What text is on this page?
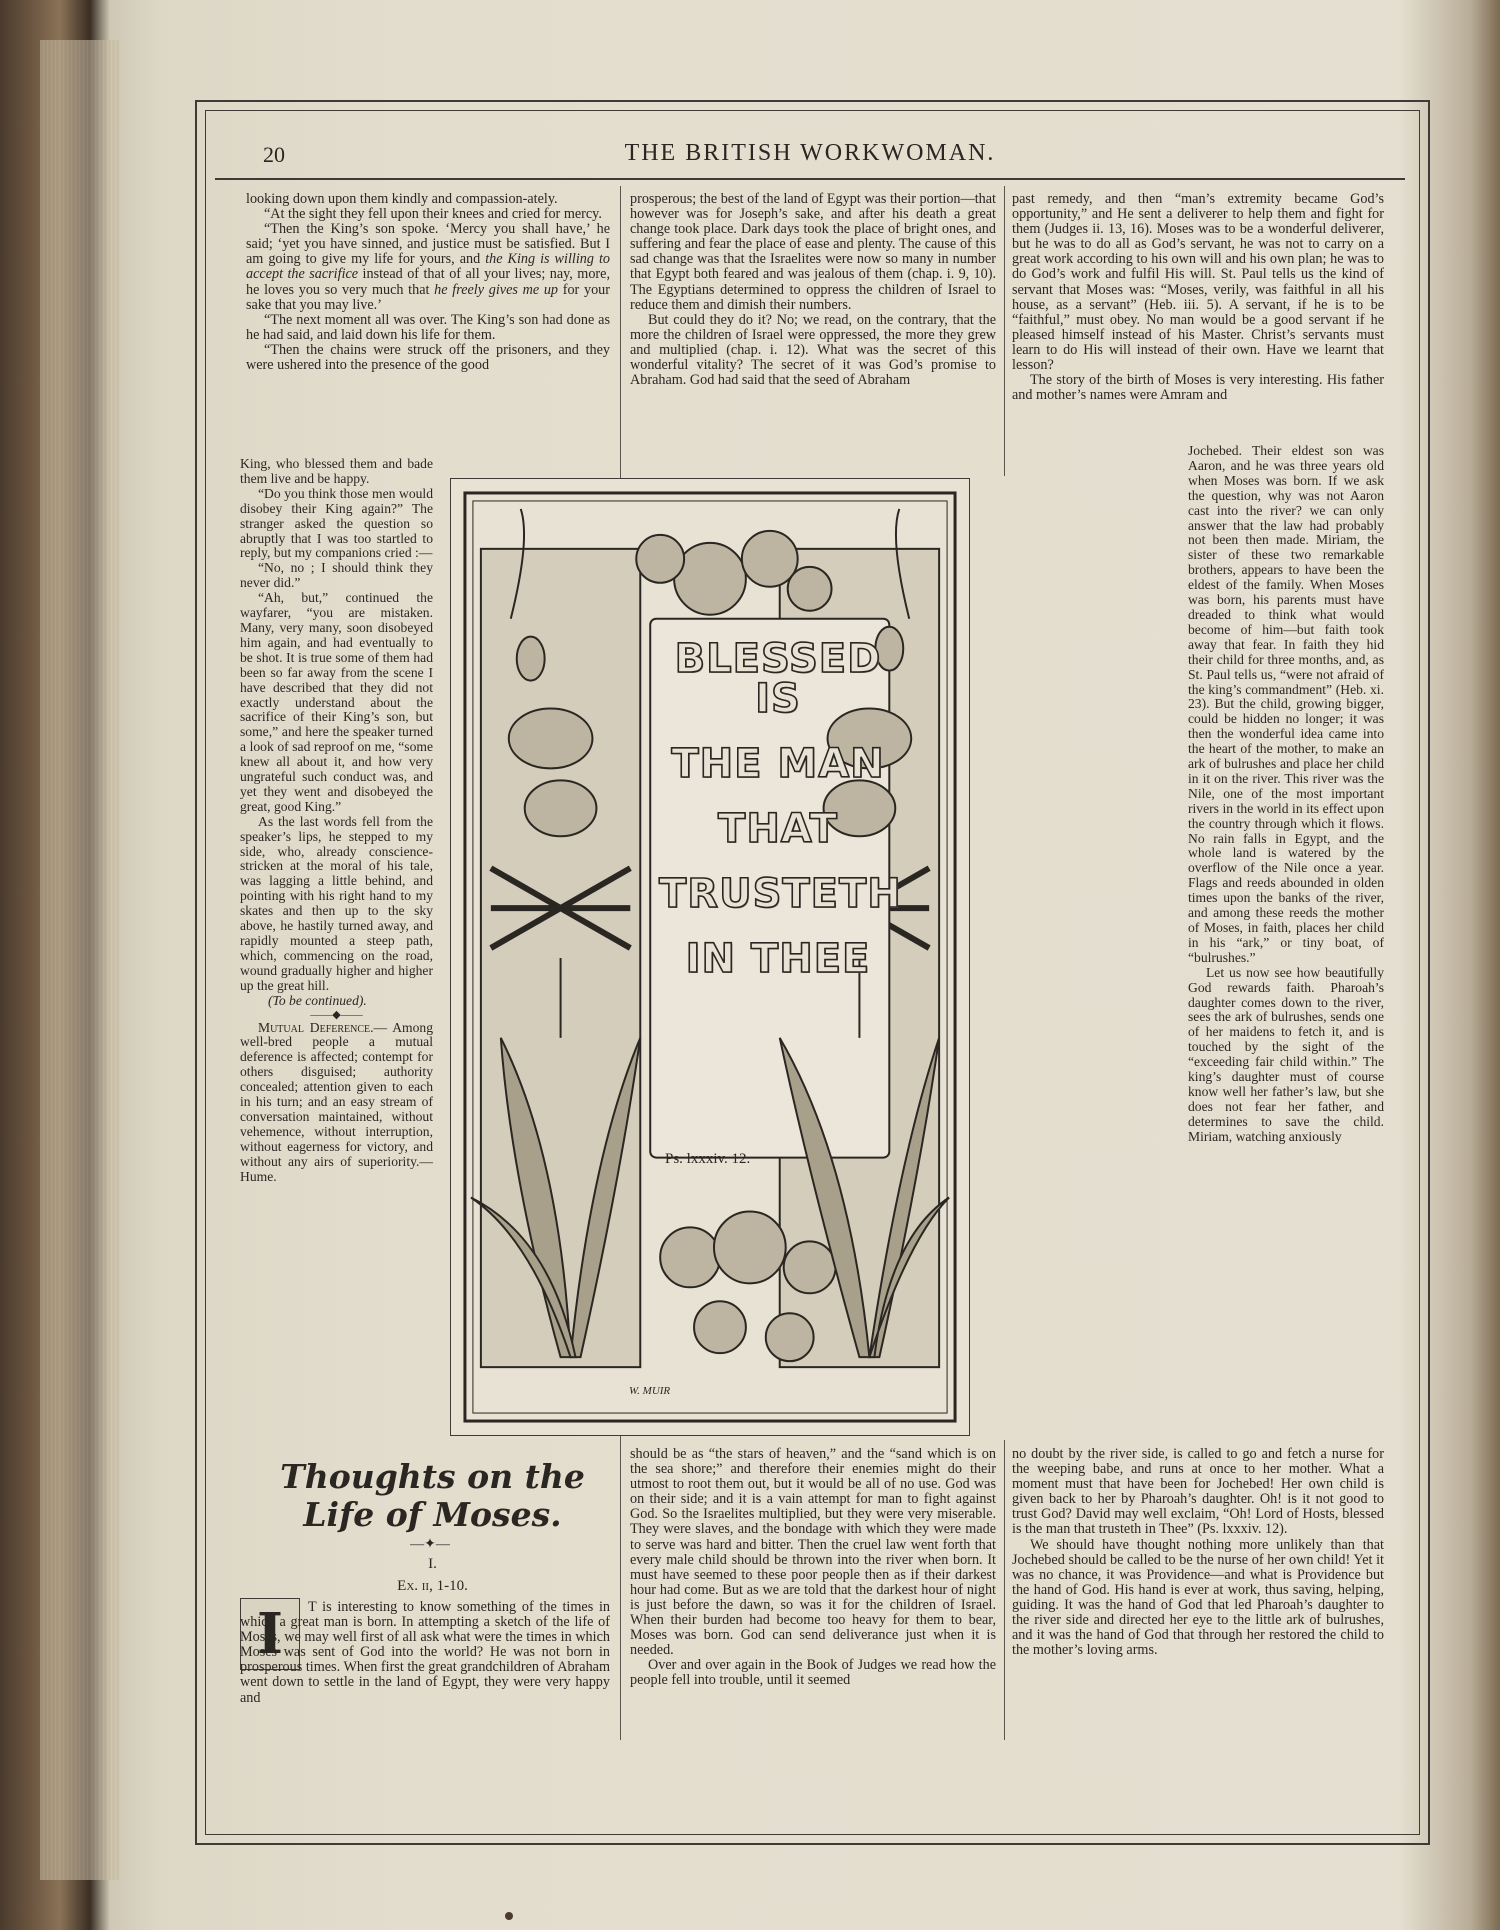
20	THE BRITISH WORKWOMAN.

looking down upon them kindly and compassion-ately.

“At the sight they fell upon their knees and cried for mercy.

“Then the King’s son spoke. ‘Mercy you shall have,’ he said; ‘yet you have sinned, and justice must be satisfied. But I am going to give my life for yours, and the King is willing to accept the sacrifice instead of that of all your lives; nay, more, he loves you so very much that he freely gives me up for your sake that you may live.’

“The next moment all was over. The King’s son had done as he had said, and laid down his life for them.

“Then the chains were struck off the prisoners, and they were ushered into the presence of the good

King, who blessed them and bade them live and be happy.

“Do you think those men would disobey their King again?” The stranger asked the question so abruptly that I was too startled to reply, but my companions cried :—

“No, no ; I should think they never did.”

“Ah, but,” continued the wayfarer, “you are mistaken. Many, very many, soon disobeyed him again, and had eventually to be shot. It is true some of them had been so far away from the scene I have described that they did not exactly understand about the sacrifice of their King’s son, but some,” and here the speaker turned a look of sad reproof on me, “some knew all about it, and how very ungrateful such conduct was, and yet they went and disobeyed the great, good King.”

As the last words fell from the speaker’s lips, he stepped to my side, who, already conscience-stricken at the moral of his tale, was lagging a little behind, and pointing with his right hand to my skates and then up to the sky above, he hastily turned away, and rapidly mounted a steep path, which, commencing on the road, wound gradually higher and higher up the great hill.

(To be continued).

——◆——

Mutual Deference.— Among well-bred people a mutual deference is affected; contempt for others disguised; authority concealed; attention given to each in his turn; and an easy stream of conversation maintained, without vehemence, without interruption, without eagerness for victory, and without any airs of superiority.—Hume.

BLESSED IS
THE MAN
THAT
TRUSTETH
IN THEE
Ps. lxxxiv. 12.
W. MUIR

prosperous; the best of the land of Egypt was their portion—that however was for Joseph’s sake, and after his death a great change took place. Dark days took the place of bright ones, and suffering and fear the place of ease and plenty. The cause of this sad change was that the Israelites were now so many in number that Egypt both feared and was jealous of them (chap. i. 9, 10). The Egyptians determined to oppress the children of Israel to reduce them and dimish their numbers.

But could they do it? No; we read, on the contrary, that the more the children of Israel were oppressed, the more they grew and multiplied (chap. i. 12). What was the secret of this wonderful vitality? The secret of it was God’s promise to Abraham. God had said that the seed of Abraham

should be as “the stars of heaven,” and the “sand which is on the sea shore;” and therefore their enemies might do their utmost to root them out, but it would be all of no use. God was on their side; and it is a vain attempt for man to fight against God. So the Israelites multiplied, but they were very miserable. They were slaves, and the bondage with which they were made to serve was hard and bitter. Then the cruel law went forth that every male child should be thrown into the river when born. It must have seemed to these poor people then as if their darkest hour had come. But as we are told that the darkest hour of night is just before the dawn, so was it for the children of Israel. When their burden had become too heavy for them to bear, Moses was born. God can send deliverance just when it is needed.

Over and over again in the Book of Judges we read how the people fell into trouble, until it seemed

past remedy, and then “man’s extremity became God’s opportunity,” and He sent a deliverer to help them and fight for them (Judges ii. 13, 16). Moses was to be a wonderful deliverer, but he was to do all as God’s servant, he was not to carry on a great work according to his own will and his own plan; he was to do God’s work and fulfil His will. St. Paul tells us the kind of servant that Moses was: “Moses, verily, was faithful in all his house, as a servant” (Heb. iii. 5). A servant, if he is to be “faithful,” must obey. No man would be a good servant if he pleased himself instead of his Master. Christ’s servants must learn to do His will instead of their own. Have we learnt that lesson?

The story of the birth of Moses is very interesting. His father and mother’s names were Amram and

Jochebed. Their eldest son was Aaron, and he was three years old when Moses was born. If we ask the question, why was not Aaron cast into the river? we can only answer that the law had probably not been then made. Miriam, the sister of these two remarkable brothers, appears to have been the eldest of the family. When Moses was born, his parents must have dreaded to think what would become of him—but faith took away that fear. In faith they hid their child for three months, and, as St. Paul tells us, “were not afraid of the king’s commandment” (Heb. xi. 23). But the child, growing bigger, could be hidden no longer; it was then the wonderful idea came into the heart of the mother, to make an ark of bulrushes and place her child in it on the river. This river was the Nile, one of the most important rivers in the world in its effect upon the country through which it flows. No rain falls in Egypt, and the whole land is watered by the overflow of the Nile once a year. Flags and reeds abounded in olden times upon the banks of the river, and among these reeds the mother of Moses, in faith, places her child in his “ark,” or tiny boat, of “bulrushes.”

Let us now see how beautifully God rewards faith. Pharoah’s daughter comes down to the river, sees the ark of bulrushes, sends one of her maidens to fetch it, and is touched by the sight of the “exceeding fair child within.” The king’s daughter must of course know well her father’s law, but she does not fear her father, and determines to save the child. Miriam, watching anxiously

no doubt by the river side, is called to go and fetch a nurse for the weeping babe, and runs at once to her mother. What a moment must that have been for Jochebed! Her own child is given back to her by Pharoah’s daughter. Oh! is it not good to trust God? David may well exclaim, “Oh! Lord of Hosts, blessed is the man that trusteth in Thee” (Ps. lxxxiv. 12).

We should have thought nothing more unlikely than that Jochebed should be called to be the nurse of her own child! Yet it was no chance, it was Providence—and what is Providence but the hand of God. His hand is ever at work, thus saving, helping, guiding. It was the hand of God that led Pharoah’s daughter to the river side and directed her eye to the little ark of bulrushes, and it was the hand of God that through her restored the child to the mother’s loving arms.

Thoughts on the Life of Moses.
—✦—
I.
Ex. ii, 1-10.
I	T is interesting to know something of the times in which a great man is born. In attempting a sketch of the life of Moses, we may well first of all ask what were the times in which Moses was sent of God into the world? He was not born in prosperous times. When first the great grandchildren of Abraham went down to settle in the land of Egypt, they were very happy and
